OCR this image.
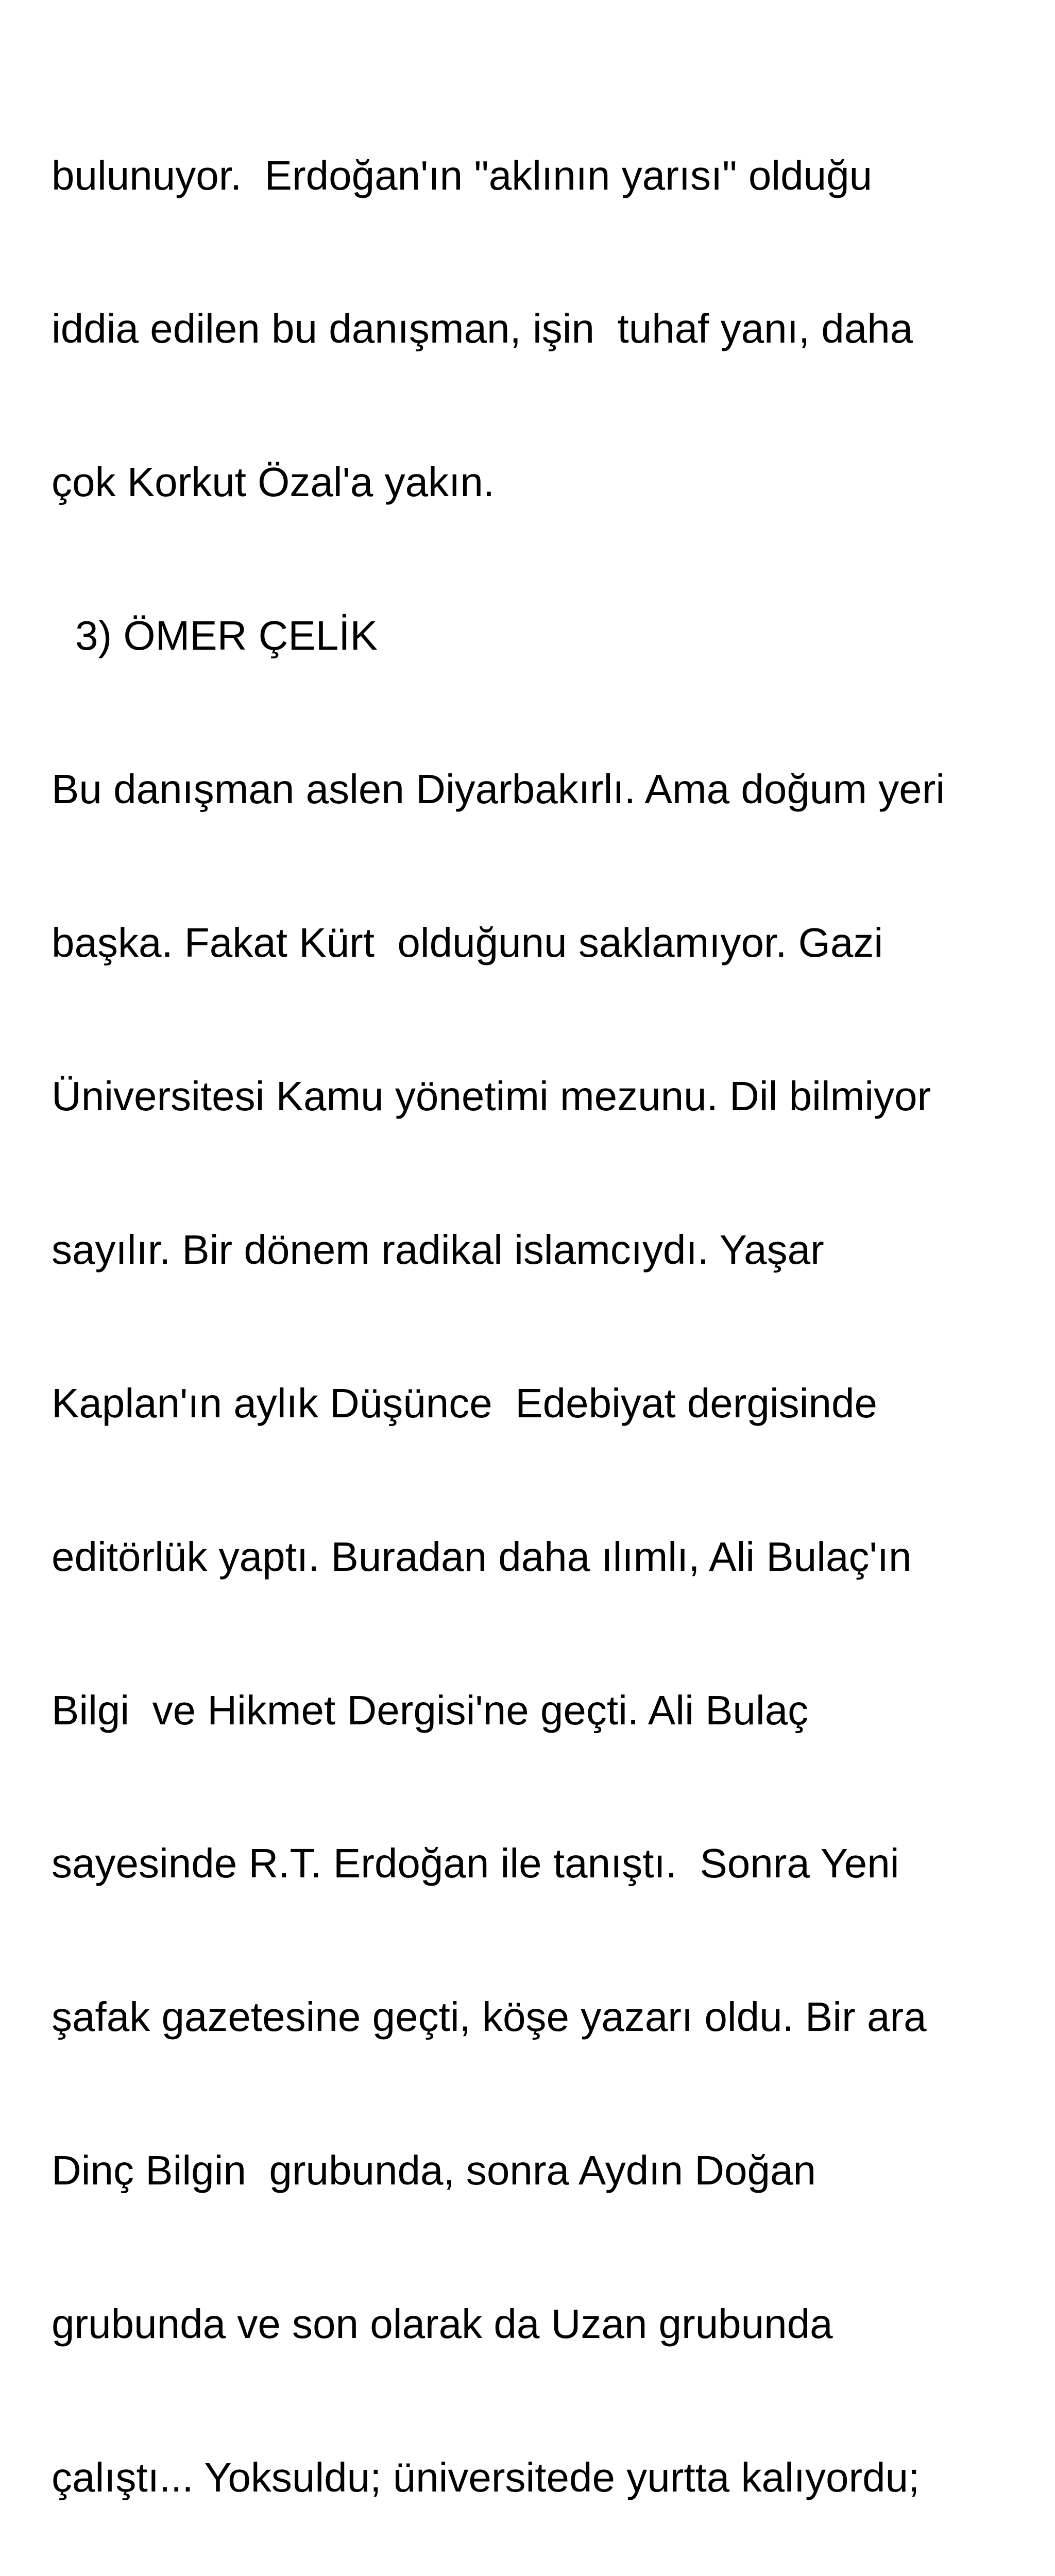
bulunuyor.  Erdoğan'ın "aklının yarısı" olduğu

iddia edilen bu danışman, işin  tuhaf yanı, daha

çok Korkut Özal'a yakın.

3) ÖMER ÇELİK

Bu danışman aslen Diyarbakırlı. Ama doğum yeri

başka. Fakat Kürt  olduğunu saklamıyor. Gazi

Üniversitesi Kamu yönetimi mezunu. Dil bilmiyor

sayılır. Bir dönem radikal islamcıydı. Yaşar

Kaplan'ın aylık Düşünce  Edebiyat dergisinde

editörlük yaptı. Buradan daha ılımlı, Ali Bulaç'ın

Bilgi  ve Hikmet Dergisi'ne geçti. Ali Bulaç

sayesinde R.T. Erdoğan ile tanıştı.  Sonra Yeni

şafak gazetesine geçti, köşe yazarı oldu. Bir ara

Dinç Bilgin  grubunda, sonra Aydın Doğan

grubunda ve son olarak da Uzan grubunda

çalıştı... Yoksuldu; üniversitede yurtta kalıyordu;
